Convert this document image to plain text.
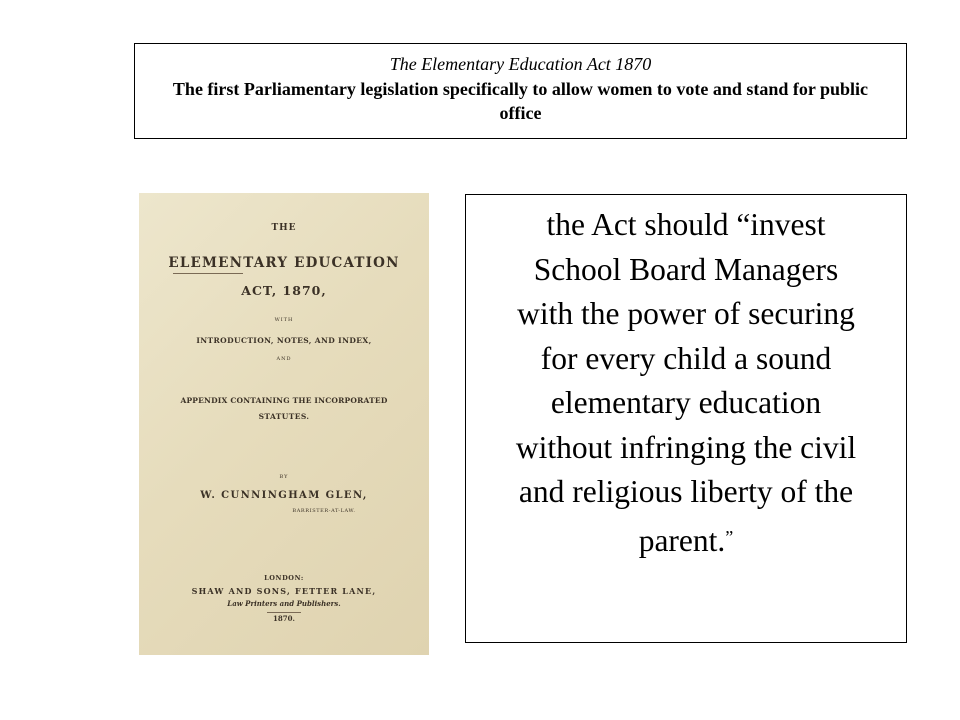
The Elementary Education Act 1870
The first Parliamentary legislation specifically to allow women to vote and stand for public office
THE
ELEMENTARY EDUCATION
ACT, 1870,
WITH
INTRODUCTION, NOTES, AND INDEX,
AND
APPENDIX CONTAINING THE INCORPORATED
STATUTES.
BY
W. CUNNINGHAM GLEN,
BARRISTER-AT-LAW.
LONDON:
SHAW AND SONS, FETTER LANE,
Law Printers and Publishers.
1870.
the Act should “invest
School Board Managers
with the power of securing
for every child a sound
elementary education
without infringing the civil
and religious liberty of the
parent.”
